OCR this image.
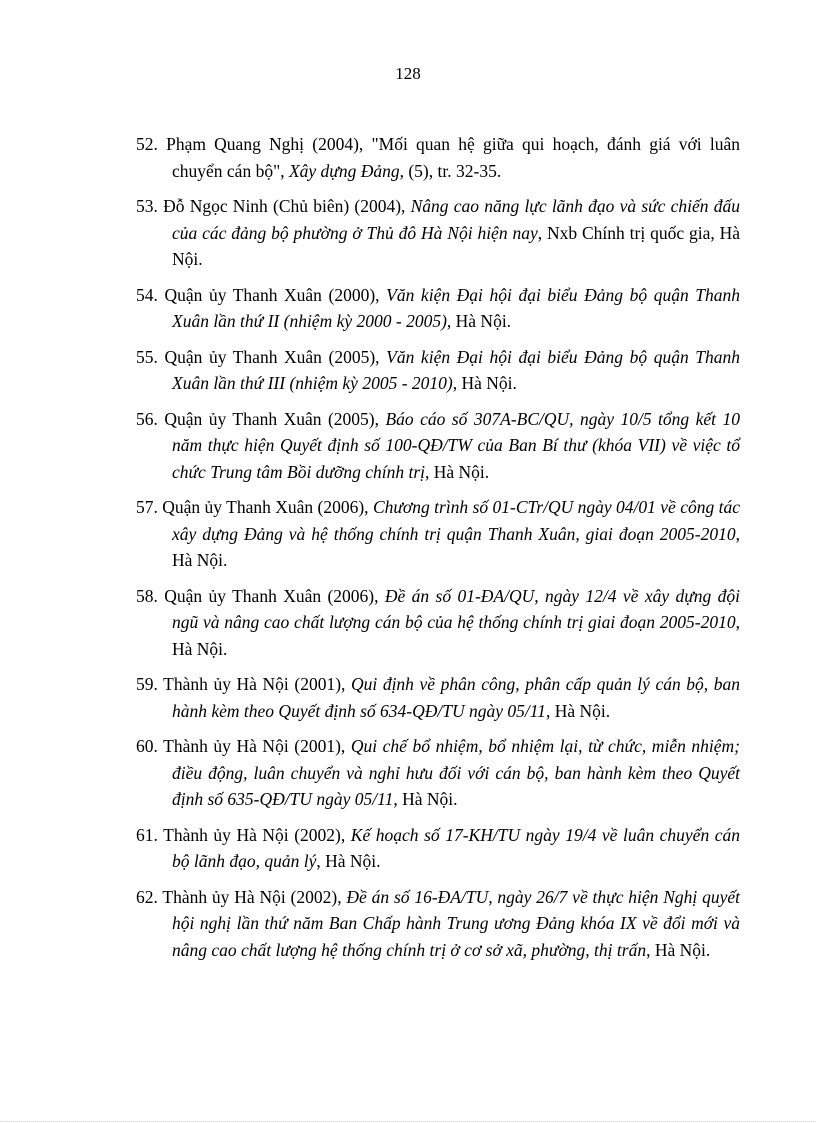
128

52. Phạm Quang Nghị (2004), "Mối quan hệ giữa qui hoạch, đánh giá với luân chuyển cán bộ", Xây dựng Đảng, (5), tr. 32-35.

53. Đỗ Ngọc Ninh (Chủ biên) (2004), Nâng cao năng lực lãnh đạo và sức chiến đấu của các đảng bộ phường ở Thủ đô Hà Nội hiện nay, Nxb Chính trị quốc gia, Hà Nội.

54. Quận ủy Thanh Xuân (2000), Văn kiện Đại hội đại biểu Đảng bộ quận Thanh Xuân lần thứ II (nhiệm kỳ 2000 - 2005), Hà Nội.

55. Quận ủy Thanh Xuân (2005), Văn kiện Đại hội đại biểu Đảng bộ quận Thanh Xuân lần thứ III (nhiệm kỳ 2005 - 2010), Hà Nội.

56. Quận ủy Thanh Xuân (2005), Báo cáo số 307A-BC/QU, ngày 10/5 tổng kết 10 năm thực hiện Quyết định số 100-QĐ/TW của Ban Bí thư (khóa VII) về việc tổ chức Trung tâm Bồi dưỡng chính trị, Hà Nội.

57. Quận ủy Thanh Xuân (2006), Chương trình số 01-CTr/QU ngày 04/01 về công tác xây dựng Đảng và hệ thống chính trị quận Thanh Xuân, giai đoạn 2005-2010, Hà Nội.

58. Quận ủy Thanh Xuân (2006), Đề án số 01-ĐA/QU, ngày 12/4 về xây dựng đội ngũ và nâng cao chất lượng cán bộ của hệ thống chính trị giai đoạn 2005-2010, Hà Nội.

59. Thành ủy Hà Nội (2001), Qui định về phân công, phân cấp quản lý cán bộ, ban hành kèm theo Quyết định số 634-QĐ/TU ngày 05/11, Hà Nội.

60. Thành ủy Hà Nội (2001), Qui chế bổ nhiệm, bổ nhiệm lại, từ chức, miễn nhiệm; điều động, luân chuyển và nghỉ hưu đối với cán bộ, ban hành kèm theo Quyết định số 635-QĐ/TU ngày 05/11, Hà Nội.

61. Thành ủy Hà Nội (2002), Kế hoạch số 17-KH/TU ngày 19/4 về luân chuyển cán bộ lãnh đạo, quản lý, Hà Nội.

62. Thành ủy Hà Nội (2002), Đề án số 16-ĐA/TU, ngày 26/7 về thực hiện Nghị quyết hội nghị lần thứ năm Ban Chấp hành Trung ương Đảng khóa IX về đổi mới và nâng cao chất lượng hệ thống chính trị ở cơ sở xã, phường, thị trấn, Hà Nội.
